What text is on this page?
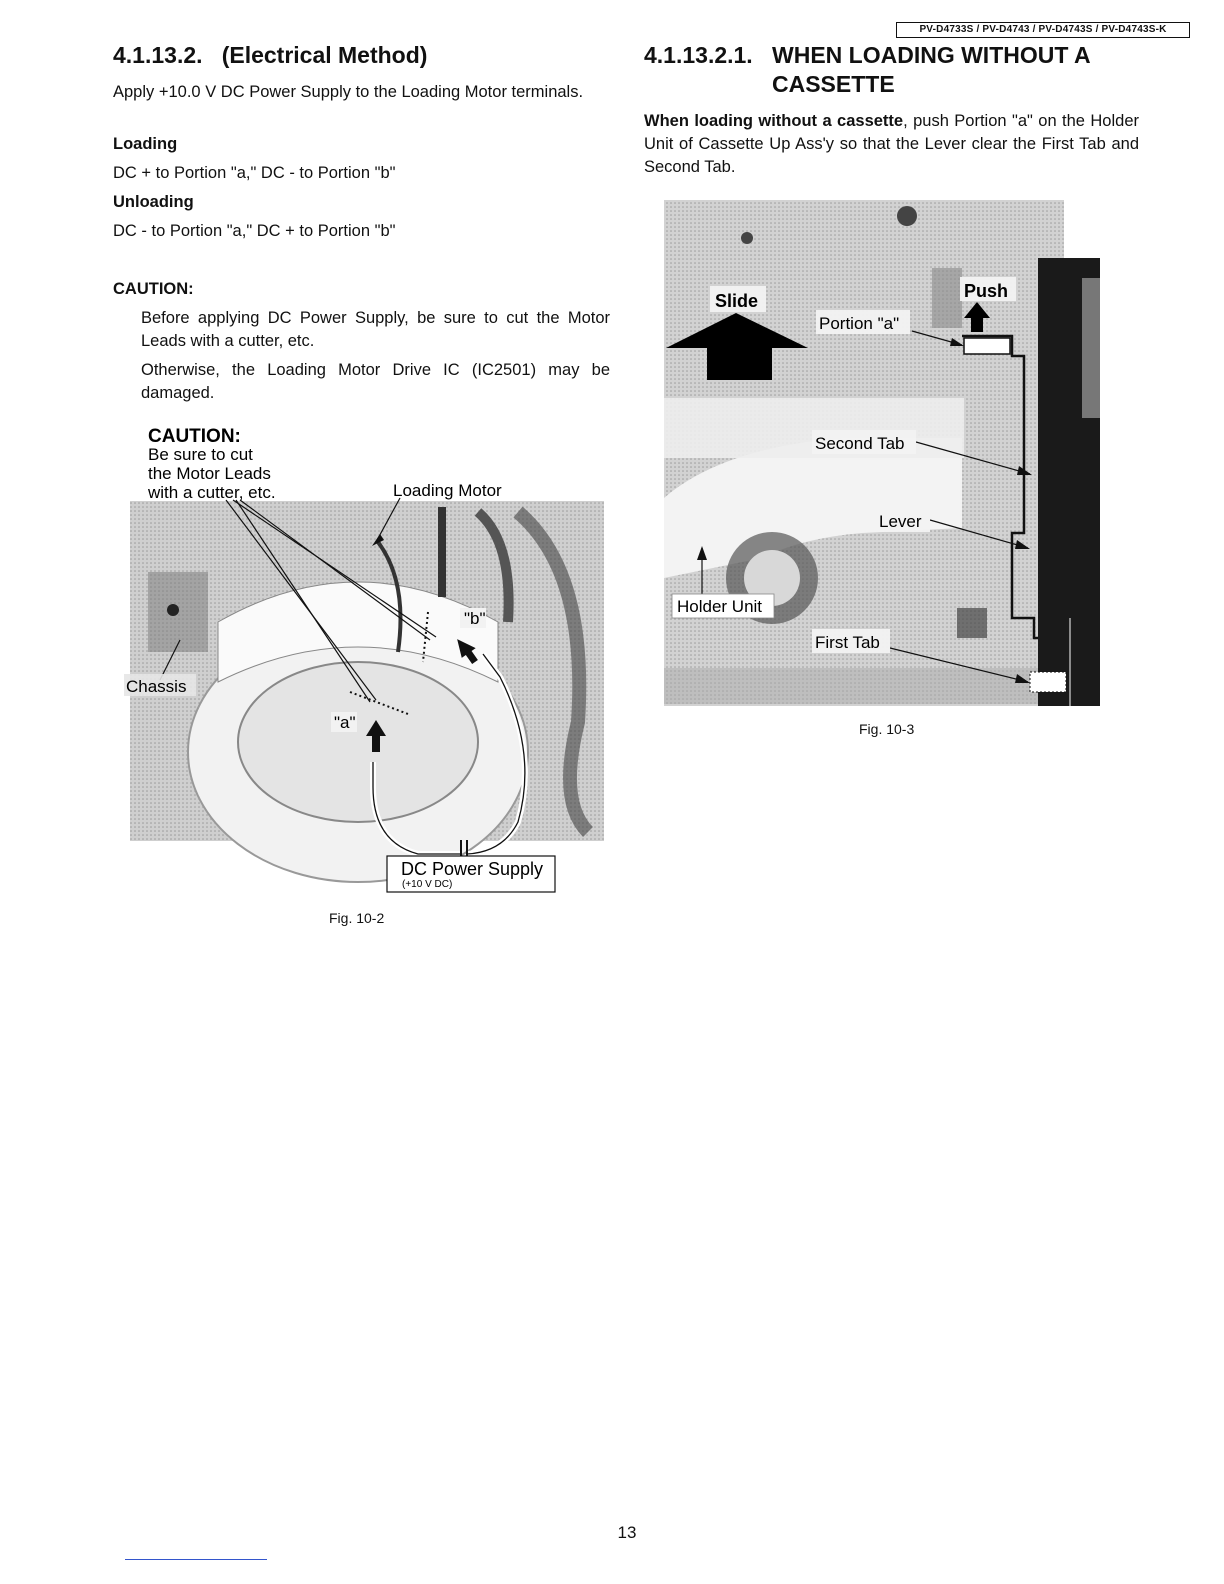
PV-D4733S / PV-D4743 / PV-D4743S / PV-D4743S-K
4.1.13.2.   (Electrical Method)
Apply +10.0 V DC Power Supply to the Loading Motor terminals.
Loading
DC + to Portion "a," DC - to Portion "b"
Unloading
DC - to Portion "a," DC + to Portion "b"
CAUTION:
Before applying DC Power Supply, be sure to cut the Motor Leads with a cutter, etc.
Otherwise, the Loading Motor Drive IC (IC2501) may be damaged.
CAUTION:
Be sure to cut
the Motor Leads
with a cutter, etc.	Loading Motor
Chassis
"b"
"a"
DC Power Supply
(+10 V DC)
Fig. 10-2
4.1.13.2.1. WHEN LOADING WITHOUT A
CASSETTE
When loading without a cassette, push Portion "a" on the Holder Unit of Cassette Up Ass'y so that the Lever clear the First Tab and Second Tab.
Slide	Push
Portion "a"
Second Tab
Lever
Holder Unit
First Tab
Fig. 10-3
13
